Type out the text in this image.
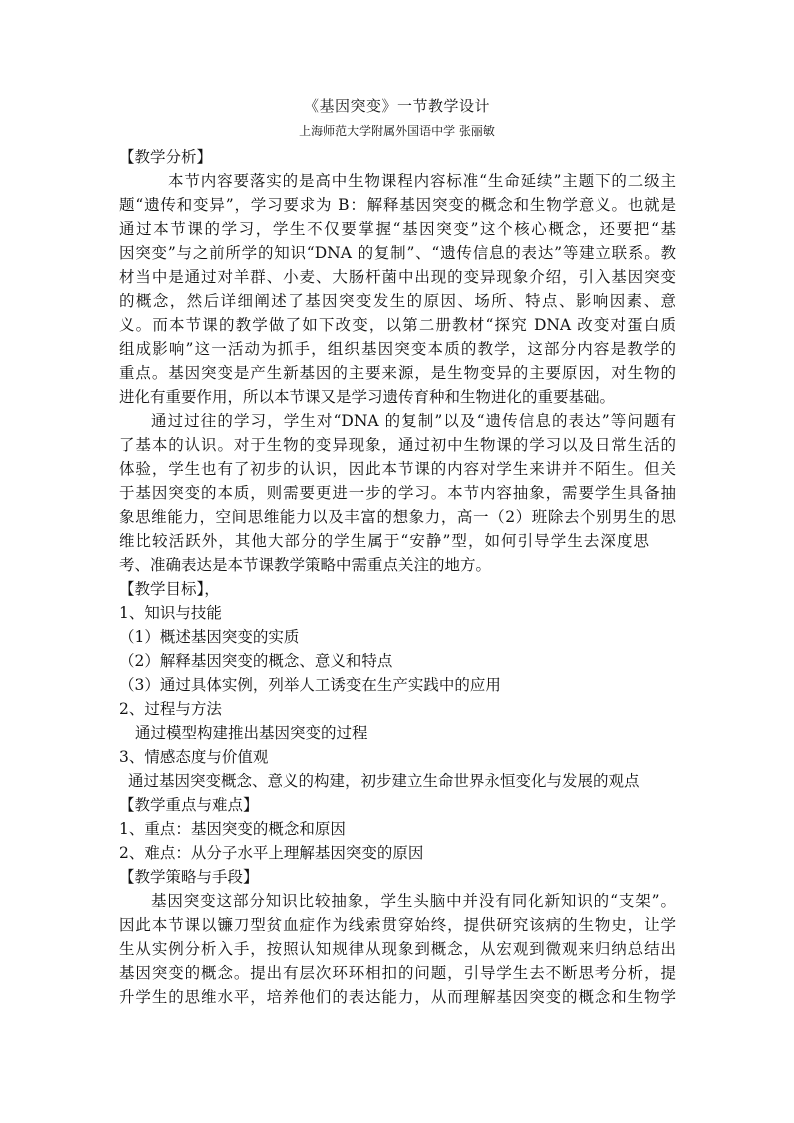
《基因突变》一节教学设计
上海师范大学附属外国语中学 张丽敏
【教学分析】
本节内容要落实的是高中生物课程内容标准“生命延续”主题下的二级主
题“遗传和变异”，学习要求为 B：解释基因突变的概念和生物学意义。也就是
通过本节课的学习，学生不仅要掌握“基因突变”这个核心概念，还要把“基
因突变”与之前所学的知识“DNA 的复制”、“遗传信息的表达”等建立联系。教
材当中是通过对羊群、小麦、大肠杆菌中出现的变异现象介绍，引入基因突变
的概念，然后详细阐述了基因突变发生的原因、场所、特点、影响因素、意
义。而本节课的教学做了如下改变，以第二册教材“探究 DNA 改变对蛋白质
组成影响”这一活动为抓手，组织基因突变本质的教学，这部分内容是教学的
重点。基因突变是产生新基因的主要来源，是生物变异的主要原因，对生物的
进化有重要作用，所以本节课又是学习遗传育种和生物进化的重要基础。
通过过往的学习，学生对“DNA 的复制”以及“遗传信息的表达”等问题有
了基本的认识。对于生物的变异现象，通过初中生物课的学习以及日常生活的
体验，学生也有了初步的认识，因此本节课的内容对学生来讲并不陌生。但关
于基因突变的本质，则需要更进一步的学习。本节内容抽象，需要学生具备抽
象思维能力，空间思维能力以及丰富的想象力，高一（2）班除去个别男生的思
维比较活跃外，其他大部分的学生属于“安静”型，如何引导学生去深度思
考、准确表达是本节课教学策略中需重点关注的地方。
【教学目标】，
1、知识与技能
（1）概述基因突变的实质
（2）解释基因突变的概念、意义和特点
（3）通过具体实例，列举人工诱变在生产实践中的应用
2、过程与方法
通过模型构建推出基因突变的过程
3、情感态度与价值观
通过基因突变概念、意义的构建，初步建立生命世界永恒变化与发展的观点
【教学重点与难点】
1、重点：基因突变的概念和原因
2、难点：从分子水平上理解基因突变的原因
【教学策略与手段】
基因突变这部分知识比较抽象，学生头脑中并没有同化新知识的“支架”。
因此本节课以镰刀型贫血症作为线索贯穿始终，提供研究该病的生物史，让学
生从实例分析入手，按照认知规律从现象到概念，从宏观到微观来归纳总结出
基因突变的概念。提出有层次环环相扣的问题，引导学生去不断思考分析，提
升学生的思维水平，培养他们的表达能力，从而理解基因突变的概念和生物学
